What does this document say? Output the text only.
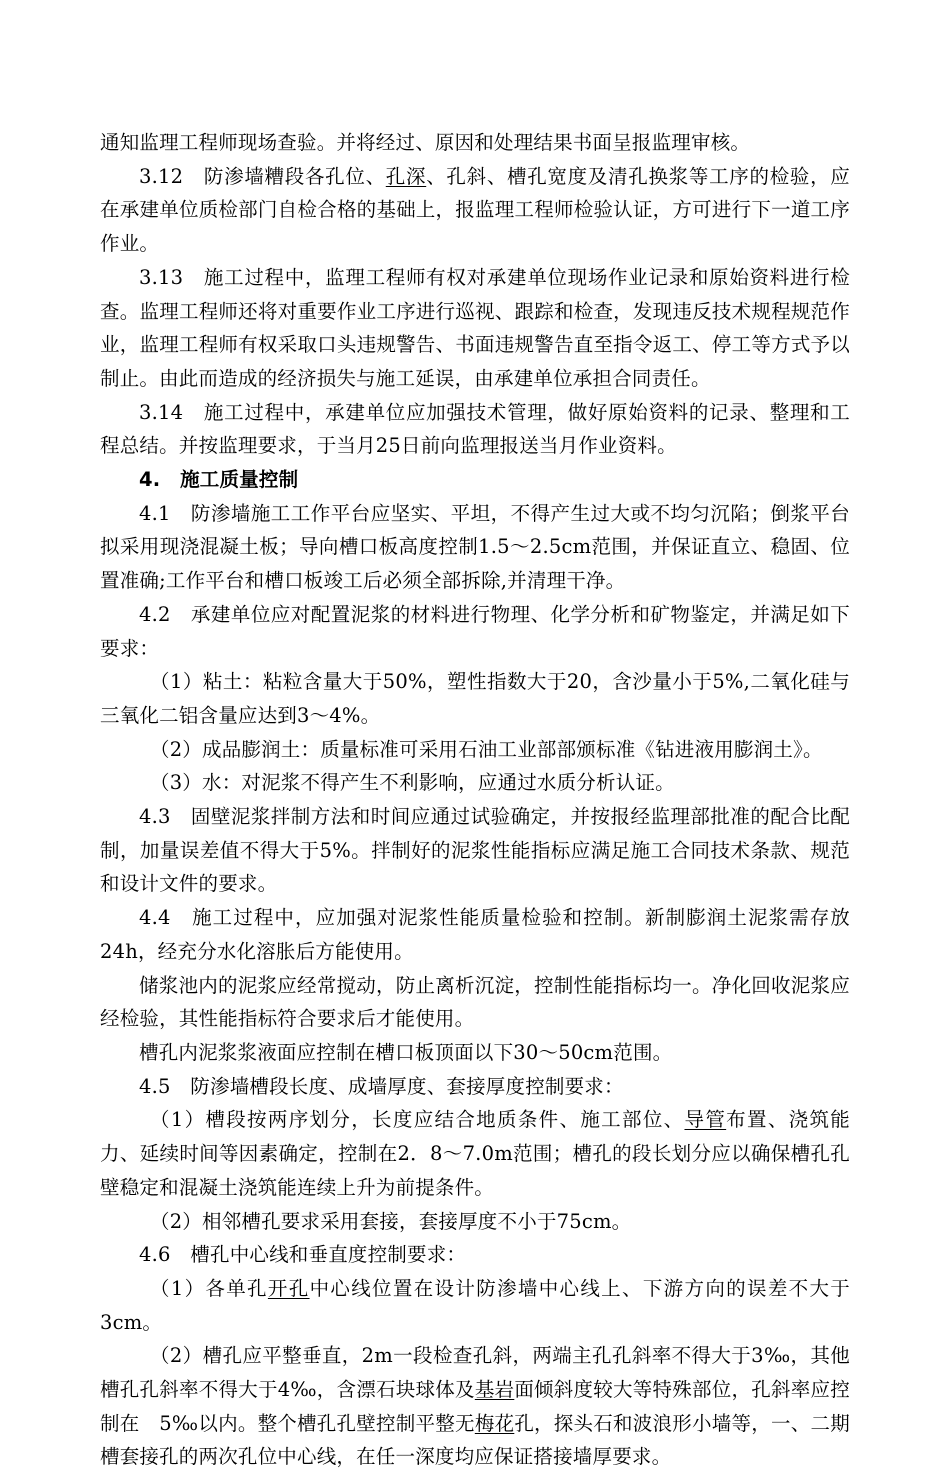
通知监理工程师现场查验。并将经过、原因和处理结果书面呈报监理审核。

3.12　防渗墙糟段各孔位、孔深、孔斜、槽孔宽度及清孔换浆等工序的检验，应在承建单位质检部门自检合格的基础上，报监理工程师检验认证，方可进行下一道工序作业。

3.13　施工过程中，监理工程师有权对承建单位现场作业记录和原始资料进行检查。监理工程师还将对重要作业工序进行巡视、跟踪和检查，发现违反技术规程规范作业，监理工程师有权采取口头违规警告、书面违规警告直至指令返工、停工等方式予以制止。由此而造成的经济损失与施工延误，由承建单位承担合同责任。

3.14　施工过程中，承建单位应加强技术管理，做好原始资料的记录、整理和工程总结。并按监理要求，于当月25日前向监理报送当月作业资料。

4.　施工质量控制

4.1　防渗墙施工工作平台应坚实、平坦，不得产生过大或不均匀沉陷；倒浆平台拟采用现浇混凝土板；导向槽口板高度控制1.5～2.5cm范围，并保证直立、稳固、位置准确;工作平台和槽口板竣工后必须全部拆除,并清理干净。

4.2　承建单位应对配置泥浆的材料进行物理、化学分析和矿物鉴定，并满足如下要求：

（1）粘土：粘粒含量大于50%，塑性指数大于20，含沙量小于5%,二氧化硅与三氧化二铝含量应达到3～4%。

（2）成品膨润土：质量标准可采用石油工业部部颁标准《钻进液用膨润土》。

（3）水：对泥浆不得产生不利影响，应通过水质分析认证。

4.3　固壁泥浆拌制方法和时间应通过试验确定，并按报经监理部批准的配合比配制，加量误差值不得大于5%。拌制好的泥浆性能指标应满足施工合同技术条款、规范和设计文件的要求。

4.4　施工过程中，应加强对泥浆性能质量检验和控制。新制膨润土泥浆需存放24h，经充分水化溶胀后方能使用。

储浆池内的泥浆应经常搅动，防止离析沉淀，控制性能指标均一。净化回收泥浆应经检验，其性能指标符合要求后才能使用。

槽孔内泥浆浆液面应控制在槽口板顶面以下30～50cm范围。

4.5　防渗墙槽段长度、成墙厚度、套接厚度控制要求：

（1）槽段按两序划分，长度应结合地质条件、施工部位、导管布置、浇筑能力、延续时间等因素确定，控制在2．8～7.0m范围；槽孔的段长划分应以确保槽孔孔壁稳定和混凝土浇筑能连续上升为前提条件。

（2）相邻槽孔要求采用套接，套接厚度不小于75cm。

4.6　槽孔中心线和垂直度控制要求：

（1）各单孔开孔中心线位置在设计防渗墙中心线上、下游方向的误差不大于3cm。

（2）槽孔应平整垂直，2m一段检查孔斜，两端主孔孔斜率不得大于3‰，其他槽孔孔斜率不得大于4‰，含漂石块球体及基岩面倾斜度较大等特殊部位，孔斜率应控制在　5‰以内。整个槽孔孔壁控制平整无梅花孔，探头石和波浪形小墙等，一、二期槽套接孔的两次孔位中心线，在任一深度均应保证搭接墙厚要求。
